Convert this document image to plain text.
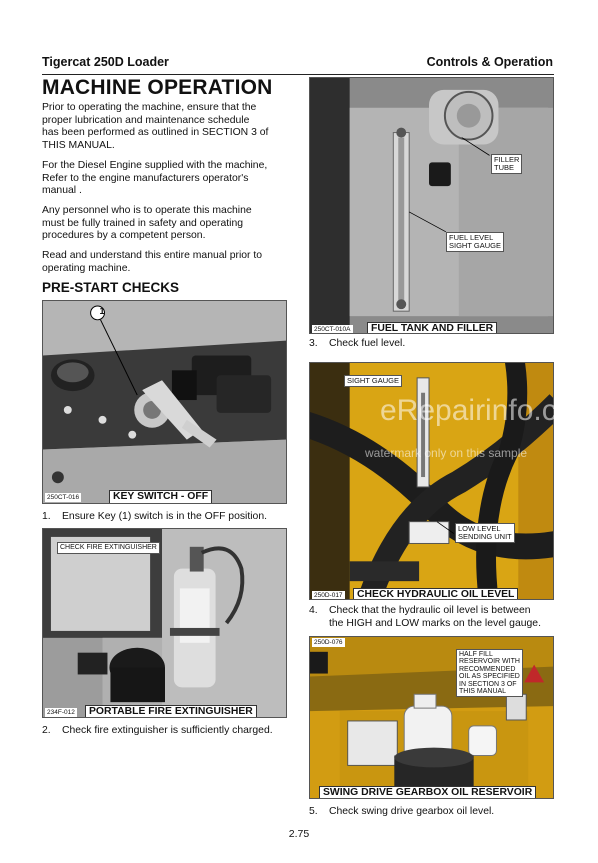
Tigercat 250D Loader	Controls & Operation
MACHINE OPERATION
Prior to operating the machine, ensure that the
proper lubrication and maintenance schedule
has been performed as outlined in SECTION 3 of
THIS MANUAL.
For the Diesel Engine supplied with the machine,
Refer to the engine manufacturers operator's
manual .
Any personnel who is to operate this machine
must be fully trained in safety and operating
procedures by a competent person.
Read and understand this entire manual prior to
operating machine.
PRE-START CHECKS
1
250CT-016	KEY SWITCH - OFF
1. Ensure Key (1) switch is in the OFF position.
CHECK FIRE EXTINGUISHER
234F-012	PORTABLE FIRE EXTINGUISHER
2. Check fire extinguisher is sufficiently charged.
FILLER
TUBE
FUEL LEVEL
SIGHT GAUGE
250CT-010A	FUEL TANK AND FILLER
3. Check fuel level.
SIGHT GAUGE
LOW LEVEL
SENDING UNIT
250D-017	CHECK HYDRAULIC OIL LEVEL
4. Check that the hydraulic oil level is between
the HIGH and LOW marks on the level gauge.
HALF FILL
RESERVOIR WITH
RECOMMENDED
OIL AS SPECIFIED
IN SECTION 3 OF
THIS MANUAL
250D-076
SWING DRIVE GEARBOX OIL RESERVOIR
5. Check swing drive gearbox oil level.
eRepairinfo.com
watermark only on this sample
2.75
